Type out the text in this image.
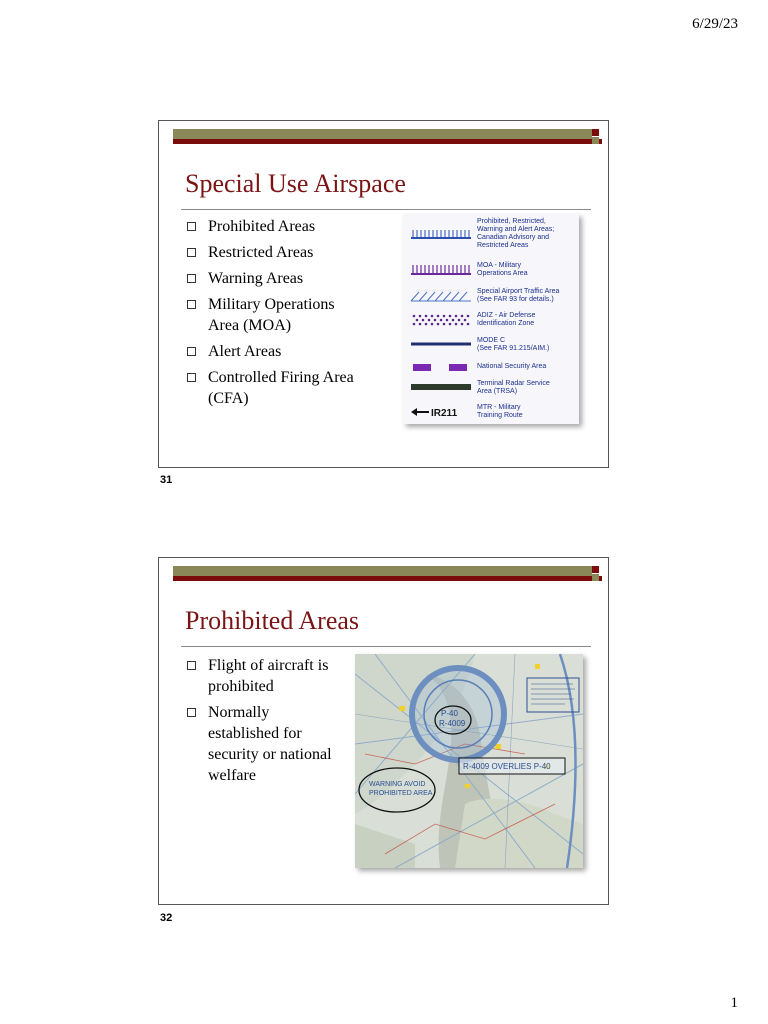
6/29/23
Special Use Airspace
Prohibited Areas
Restricted Areas
Warning Areas
Military Operations
Area (MOA)
Alert Areas
Controlled Firing Area
(CFA)
Prohibited, Restricted,
Warning and Alert Areas;
Canadian Advisory and
Restricted Areas
MOA - Military
Operations Area
Special Airport Traffic Area
(See FAR 93 for details.)
ADIZ - Air Defense
Identification Zone
MODE C
(See FAR 91.215/AIM.)
National Security Area
Terminal Radar Service
Area (TRSA)
IR211
MTR - Military
Training Route
31
Prohibited Areas
Flight of aircraft is
prohibited
Normally
established for
security or national
welfare
P-40
R-4009
R-4009 OVERLIES P-40
WARNING AVOID
PROHIBITED AREA
32
1
